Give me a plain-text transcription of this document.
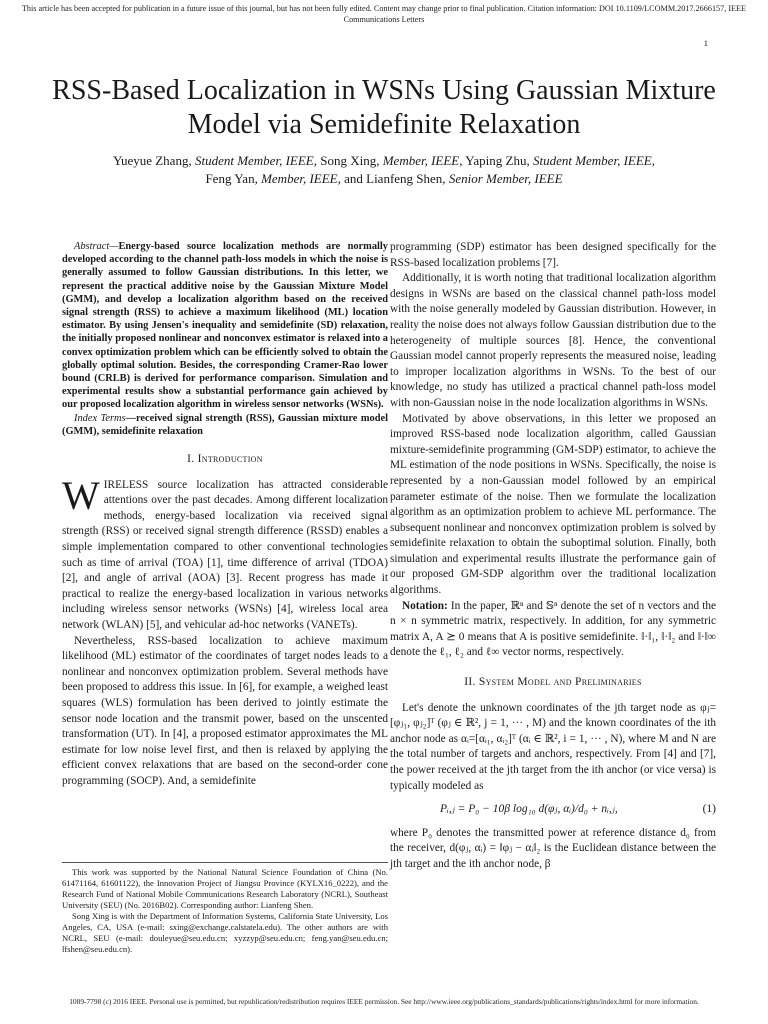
This article has been accepted for publication in a future issue of this journal, but has not been fully edited. Content may change prior to final publication. Citation information: DOI 10.1109/LCOMM.2017.2666157, IEEE Communications Letters
1
RSS-Based Localization in WSNs Using Gaussian Mixture Model via Semidefinite Relaxation
Yueyue Zhang, Student Member, IEEE, Song Xing, Member, IEEE, Yaping Zhu, Student Member, IEEE,
Feng Yan, Member, IEEE, and Lianfeng Shen, Senior Member, IEEE

Abstract—Energy-based source localization methods are normally developed according to the channel path-loss models in which the noise is generally assumed to follow Gaussian distributions. In this letter, we represent the practical additive noise by the Gaussian Mixture Model (GMM), and develop a localization algorithm based on the received signal strength (RSS) to achieve a maximum likelihood (ML) location estimator. By using Jensen's inequality and semidefinite (SD) relaxation, the initially proposed nonlinear and nonconvex estimator is relaxed into a convex optimization problem which can be efficiently solved to obtain the globally optimal solution. Besides, the corresponding Cramer-Rao lower bound (CRLB) is derived for performance comparison. Simulation and experimental results show a substantial performance gain achieved by our proposed localization algorithm in wireless sensor networks (WSNs).

Index Terms—received signal strength (RSS), Gaussian mixture model (GMM), semidefinite relaxation

I. Introduction

WIRELESS source localization has attracted considerable attentions over the past decades. Among different localization methods, energy-based localization via received signal strength (RSS) or received signal strength difference (RSSD) enables a simple implementation compared to other conventional technologies such as time of arrival (TOA) [1], time difference of arrival (TDOA) [2], and angle of arrival (AOA) [3]. Recent progress has made it practical to realize the energy-based localization in various networks including wireless sensor networks (WSNs) [4], wireless local area network (WLAN) [5], and vehicular ad-hoc networks (VANETs).

Nevertheless, RSS-based localization to achieve maximum likelihood (ML) estimator of the coordinates of target nodes leads to a nonlinear and nonconvex optimization problem. Several methods have been proposed to address this issue. In [6], for example, a weighed least squares (WLS) formulation has been derived to jointly estimate the sensor node location and the transmit power, based on the unscented transformation (UT). In [4], a proposed estimator approximates the ML estimate for low noise level first, and then is relaxed by applying the efficient convex relaxations that are based on the second-order cone programming (SOCP). And, a semidefinite

This work was supported by the National Natural Science Foundation of China (No. 61471164, 61601122), the Innovation Project of Jiangsu Province (KYLX16_0222), and the Research Fund of National Mobile Communications Research Laboratory (NCRL), Southeast University (SEU) (No. 2016B02). Corresponding author: Lianfeng Shen.

Song Xing is with the Department of Information Systems, California State University, Los Angeles, CA, USA (e-mail: sxing@exchange.calstatela.edu). The other authors are with NCRL, SEU (e-mail: douleyue@seu.edu.cn; xyzzyp@seu.edu.cn; feng.yan@seu.edu.cn; lfshen@seu.edu.cn).

programming (SDP) estimator has been designed specifically for the RSS-based localization problems [7].

Additionally, it is worth noting that traditional localization algorithm designs in WSNs are based on the classical channel path-loss model with the noise generally modeled by Gaussian distribution. However, in reality the noise does not always follow Gaussian distribution due to the heterogeneity of multiple sources [8]. Hence, the conventional Gaussian model cannot properly represents the measured noise, leading to improper localization algorithms in WSNs. To the best of our knowledge, no study has utilized a practical channel path-loss model with non-Gaussian noise in the node localization algorithms in WSNs.

Motivated by above observations, in this letter we proposed an improved RSS-based node localization algorithm, called Gaussian mixture-semidefinite programming (GM-SDP) estimator, to achieve the ML estimation of the node positions in WSNs. Specifically, the noise is represented by a non-Gaussian model followed by an empirical parameter estimate of the noise. Then we formulate the localization algorithm as an optimization problem to achieve ML performance. The subsequent nonlinear and nonconvex optimization problem is solved by semidefinite relaxation to obtain the suboptimal solution. Finally, both simulation and experimental results illustrate the performance gain of our proposed GM-SDP algorithm over the traditional localization algorithms.

Notation: In the paper, ℝⁿ and 𝕊ⁿ denote the set of n vectors and the n × n symmetric matrix, respectively. In addition, for any symmetric matrix A, A ⪰ 0 means that A is positive semidefinite. ‖·‖₁, ‖·‖₂ and ‖·‖∞ denote the ℓ₁, ℓ₂ and ℓ∞ vector norms, respectively.

II. System Model and Preliminaries

Let's denote the unknown coordinates of the jth target node as φⱼ=[φⱼ₁, φⱼ₂]ᵀ (φⱼ ∈ ℝ², j = 1, ··· , M) and the known coordinates of the ith anchor node as αᵢ=[αᵢ₁, αᵢ₂]ᵀ (αᵢ ∈ ℝ², i = 1, ··· , N), where M and N are the total number of targets and anchors, respectively. From [4] and [7], the power received at the jth target from the ith anchor (or vice versa) is typically modeled as

Pᵢ,ⱼ = P₀ − 10β log₁₀ d(φⱼ, αᵢ)/d₀ + nᵢ,ⱼ,	(1)

where P₀ denotes the transmitted power at reference distance d₀ from the receiver, d(φⱼ, αᵢ) = ‖φⱼ − αᵢ‖₂ is the Euclidean distance between the jth target and the ith anchor node, β

1089-7798 (c) 2016 IEEE. Personal use is permitted, but republication/redistribution requires IEEE permission. See http://www.ieee.org/publications_standards/publications/rights/index.html for more information.
